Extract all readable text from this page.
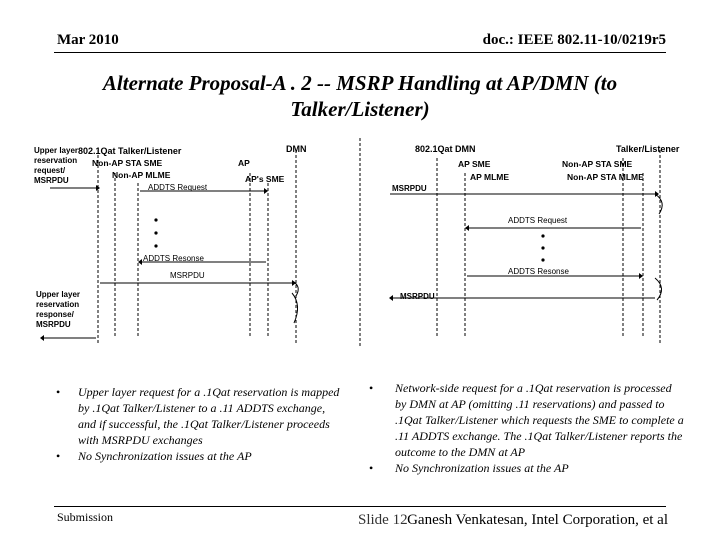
Mar 2010	doc.: IEEE 802.11-10/0219r5
Alternate Proposal-A . 2 -- MSRP Handling at AP/DMN (to Talker/Listener)
Upper layer
reservation
request/
MSRPDU
802.1Qat Talker/Listener	DMN
Non-AP STA SME	AP
Non-AP MLME	AP's SME
ADDTS Request
ADDTS Resonse
MSRPDU
Upper layer
reservation
response/
MSRPDU
802.1Qat DMN	Talker/Listener
AP SME	Non-AP STA SME
AP MLME	Non-AP STA MLME
MSRPDU
ADDTS Request
ADDTS Resonse
MSRPDU
• Upper layer request for a .1Qat reservation is mapped by .1Qat Talker/Listener to a .11 ADDTS exchange, and if successful, the .1Qat Talker/Listener proceeds with MSRPDU exchanges
• No Synchronization issues at the AP
• Network-side request for a .1Qat reservation is processed by DMN at AP (omitting .11 reservations) and passed to .1Qat Talker/Listener which requests the SME to complete a .11 ADDTS exchange. The .1Qat Talker/Listener reports the outcome to the DMN at AP
• No Synchronization issues at the AP
Submission	Slide 12 Ganesh Venkatesan, Intel Corporation, et al
